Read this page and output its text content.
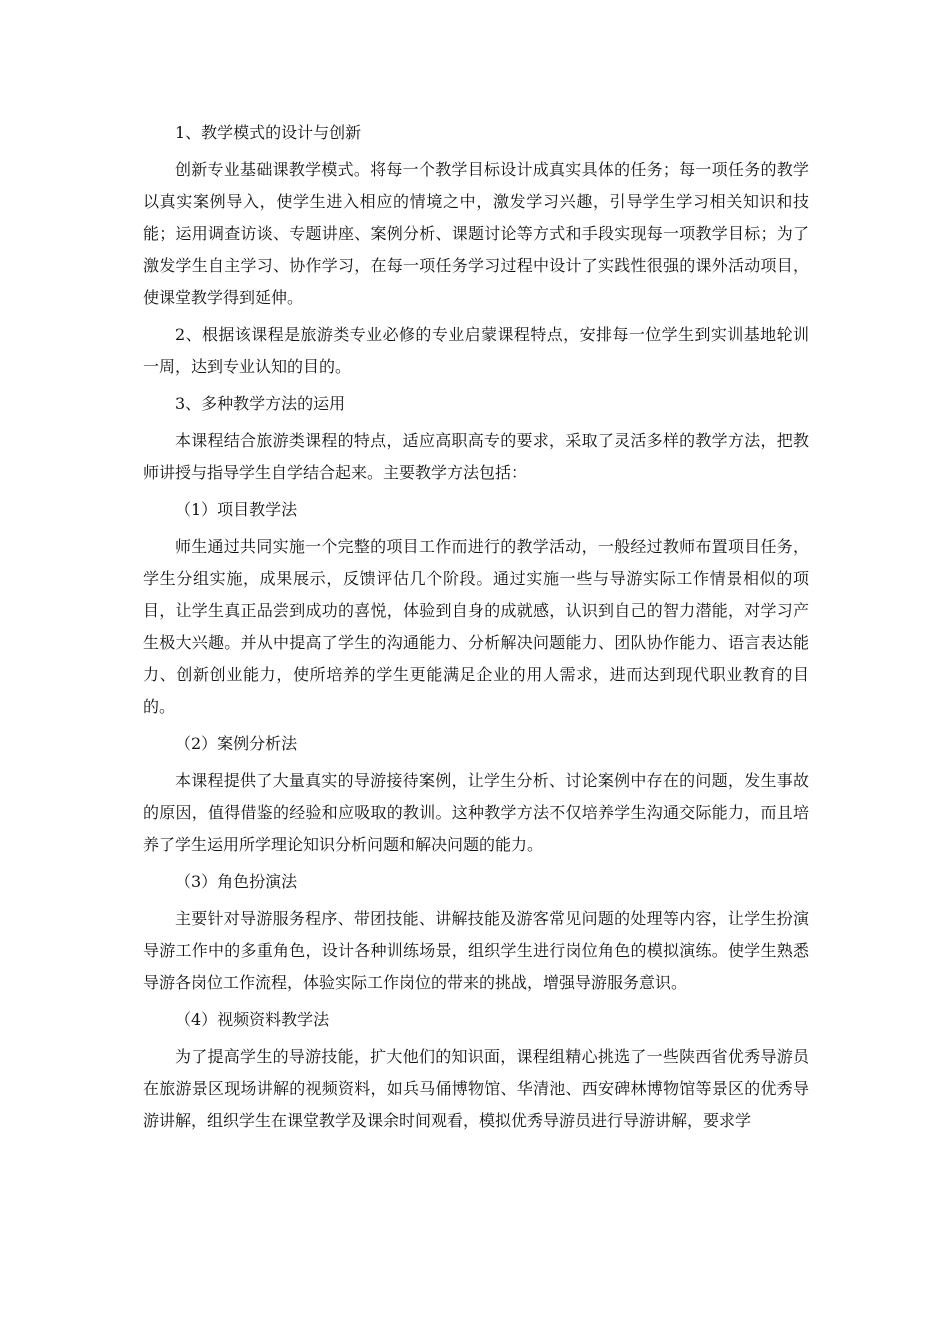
1、教学模式的设计与创新

创新专业基础课教学模式。将每一个教学目标设计成真实具体的任务；每一项任务的教学以真实案例导入，使学生进入相应的情境之中，激发学习兴趣，引导学生学习相关知识和技能；运用调查访谈、专题讲座、案例分析、课题讨论等方式和手段实现每一项教学目标；为了激发学生自主学习、协作学习，在每一项任务学习过程中设计了实践性很强的课外活动项目，使课堂教学得到延伸。

2、根据该课程是旅游类专业必修的专业启蒙课程特点，安排每一位学生到实训基地轮训一周，达到专业认知的目的。

3、多种教学方法的运用

本课程结合旅游类课程的特点，适应高职高专的要求，采取了灵活多样的教学方法，把教师讲授与指导学生自学结合起来。主要教学方法包括：

（1）项目教学法

师生通过共同实施一个完整的项目工作而进行的教学活动，一般经过教师布置项目任务，学生分组实施，成果展示，反馈评估几个阶段。通过实施一些与导游实际工作情景相似的项目，让学生真正品尝到成功的喜悦，体验到自身的成就感，认识到自己的智力潜能，对学习产生极大兴趣。并从中提高了学生的沟通能力、分析解决问题能力、团队协作能力、语言表达能力、创新创业能力，使所培养的学生更能满足企业的用人需求，进而达到现代职业教育的目的。

（2）案例分析法

本课程提供了大量真实的导游接待案例，让学生分析、讨论案例中存在的问题，发生事故的原因，值得借鉴的经验和应吸取的教训。这种教学方法不仅培养学生沟通交际能力，而且培养了学生运用所学理论知识分析问题和解决问题的能力。

（3）角色扮演法

主要针对导游服务程序、带团技能、讲解技能及游客常见问题的处理等内容，让学生扮演导游工作中的多重角色，设计各种训练场景，组织学生进行岗位角色的模拟演练。使学生熟悉导游各岗位工作流程，体验实际工作岗位的带来的挑战，增强导游服务意识。

（4）视频资料教学法

为了提高学生的导游技能，扩大他们的知识面，课程组精心挑选了一些陕西省优秀导游员在旅游景区现场讲解的视频资料，如兵马俑博物馆、华清池、西安碑林博物馆等景区的优秀导游讲解，组织学生在课堂教学及课余时间观看，模拟优秀导游员进行导游讲解，要求学
